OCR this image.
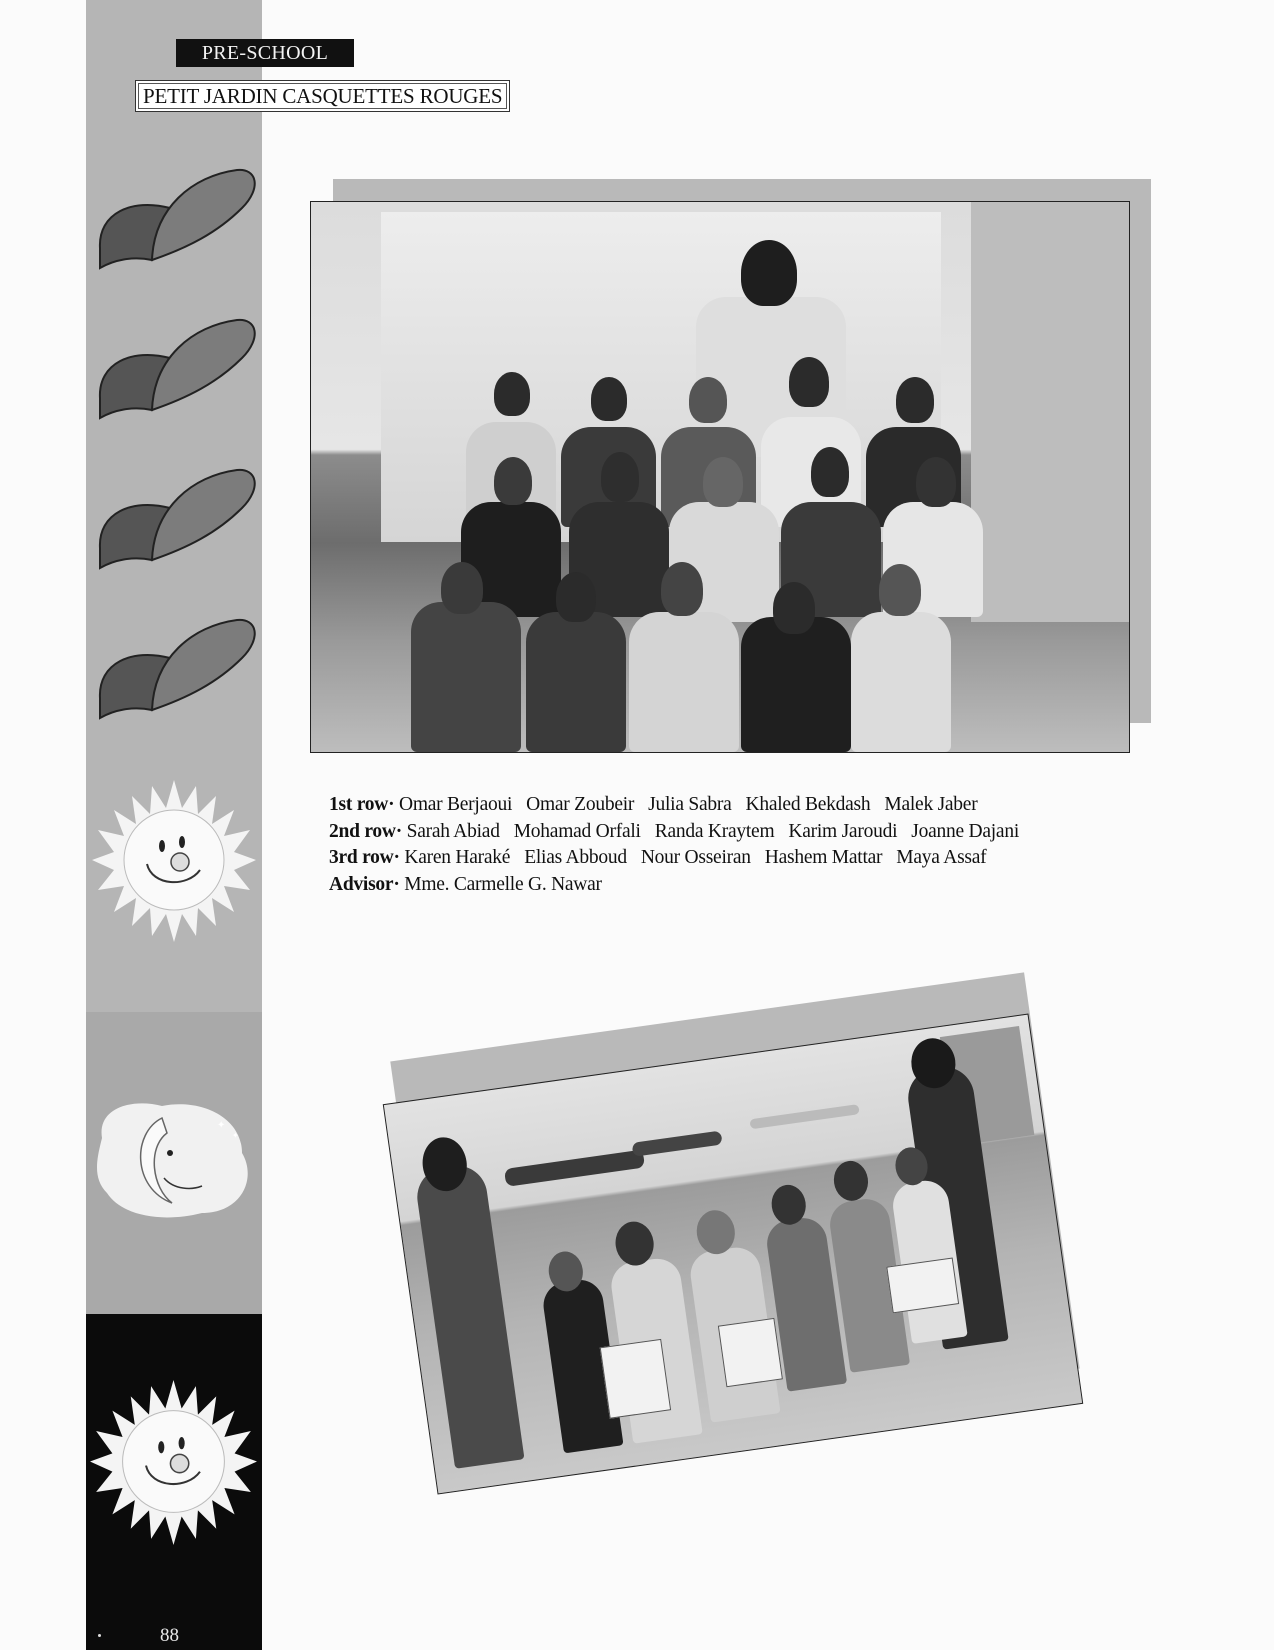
PRE-SCHOOL
PETIT JARDIN CASQUETTES ROUGES
✦
✦
1st row· Omar Berjaoui Omar Zoubeir Julia Sabra Khaled Bekdash Malek Jaber
2nd row· Sarah Abiad Mohamad Orfali Randa Kraytem Karim Jaroudi Joanne Dajani
3rd row· Karen Haraké Elias Abboud Nour Osseiran Hashem Mattar Maya Assaf
Advisor· Mme. Carmelle G. Nawar
88
